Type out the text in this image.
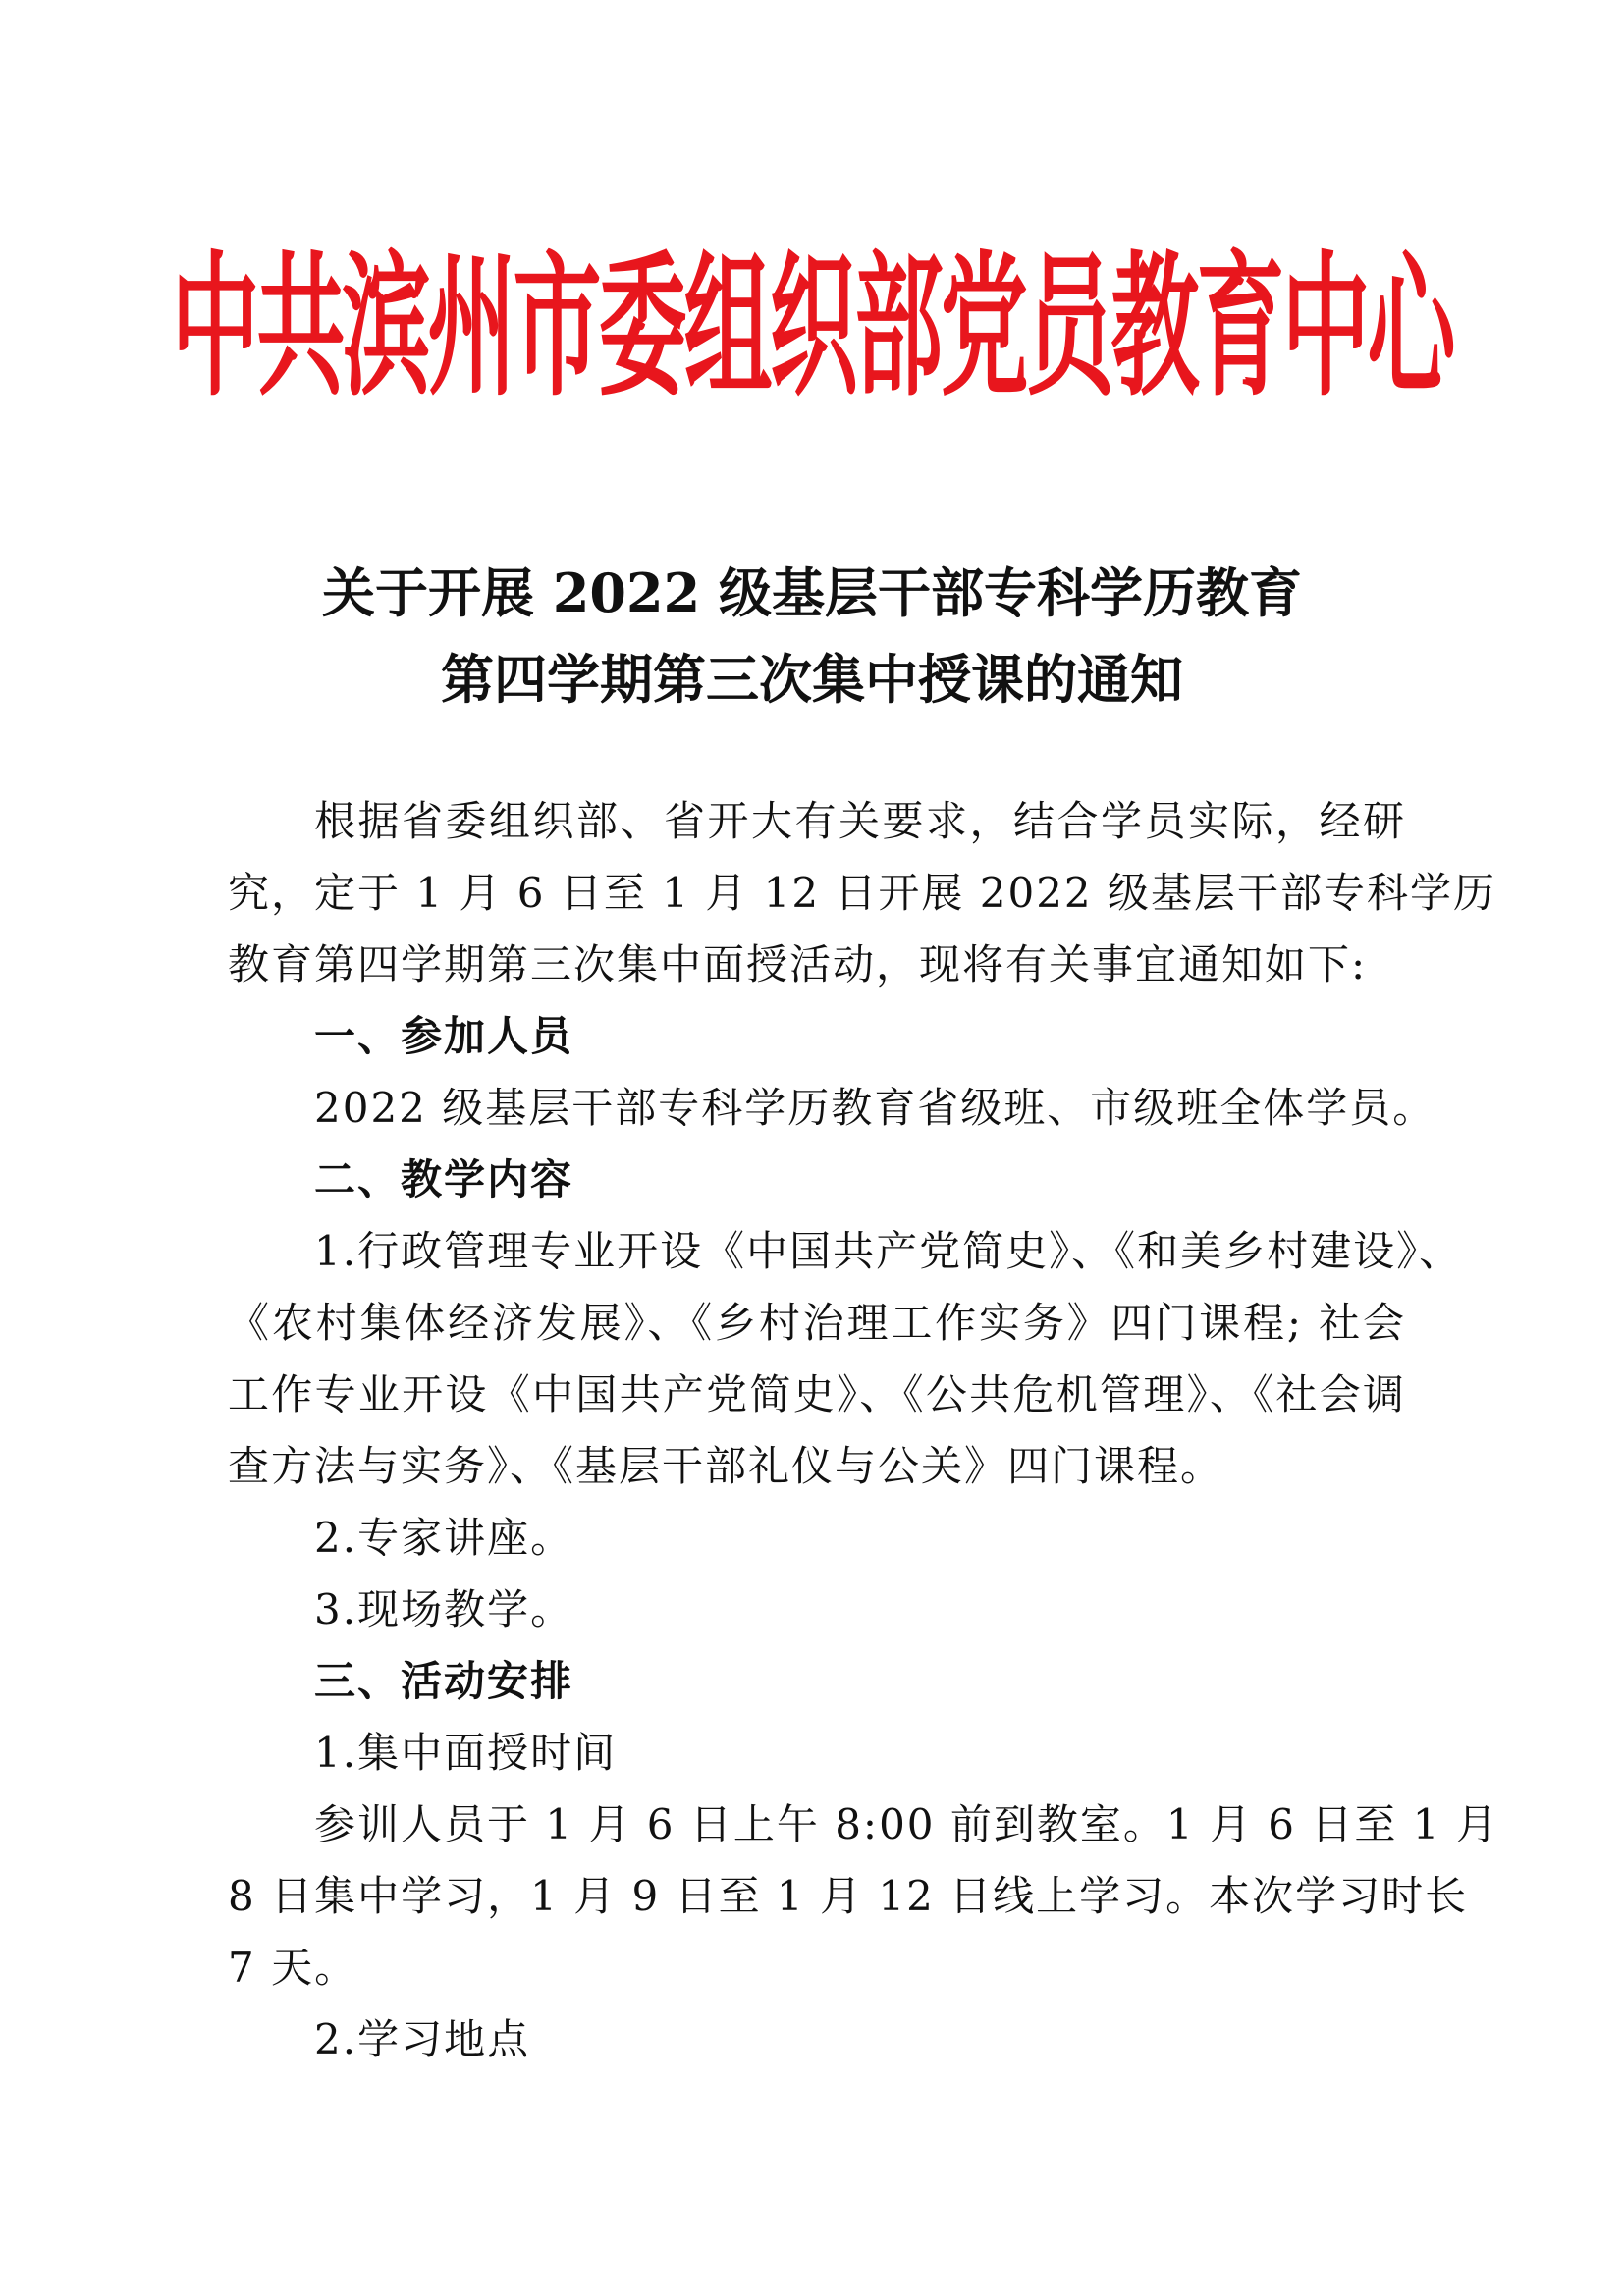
中共滨州市委组织部党员教育中心
关于开展 2022 级基层干部专科学历教育
第四学期第三次集中授课的通知
根据省委组织部、省开大有关要求，结合学员实际，经研
究，定于 1 月 6 日至 1 月 12 日开展 2022 级基层干部专科学历
教育第四学期第三次集中面授活动，现将有关事宜通知如下:
一、参加人员
2022 级基层干部专科学历教育省级班、市级班全体学员。
二、教学内容
1.行政管理专业开设《中国共产党简史》、《和美乡村建设》、
《农村集体经济发展》、《乡村治理工作实务》四门课程; 社会
工作专业开设《中国共产党简史》、《公共危机管理》、《社会调
查方法与实务》、《基层干部礼仪与公关》四门课程。
2.专家讲座。
3.现场教学。
三、活动安排
1.集中面授时间
参训人员于 1 月 6 日上午 8:00 前到教室。1 月 6 日至 1 月
8 日集中学习，1 月 9 日至 1 月 12 日线上学习。本次学习时长
7 天。
2.学习地点
